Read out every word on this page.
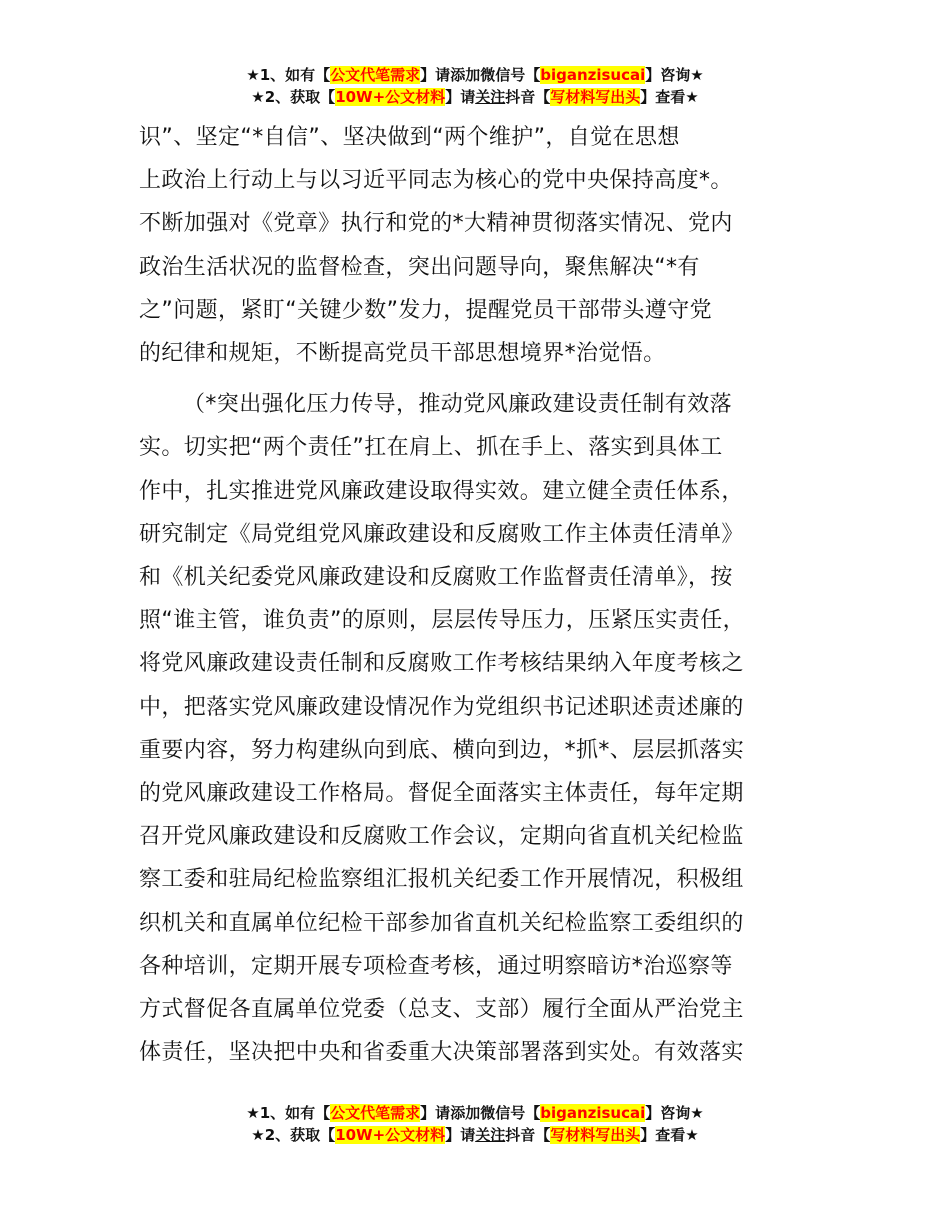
★1、如有【公文代笔需求】请添加微信号【biganzisucai】咨询★
★2、获取【10W+公文材料】请关注抖音【写材料写出头】查看★

识”、坚定“*自信”、坚决做到“两个维护”，自觉在思想
上政治上行动上与以习近平同志为核心的党中央保持高度*。
不断加强对《党章》执行和党的*大精神贯彻落实情况、党内
政治生活状况的监督检查，突出问题导向，聚焦解决“*有
之”问题，紧盯“关键少数”发力，提醒党员干部带头遵守党
的纪律和规矩，不断提高党员干部思想境界*治觉悟。

（*突出强化压力传导，推动党风廉政建设责任制有效落
实。切实把“两个责任”扛在肩上、抓在手上、落实到具体工
作中，扎实推进党风廉政建设取得实效。建立健全责任体系，
研究制定《局党组党风廉政建设和反腐败工作主体责任清单》
和《机关纪委党风廉政建设和反腐败工作监督责任清单》，按
照“谁主管，谁负责”的原则，层层传导压力，压紧压实责任，
将党风廉政建设责任制和反腐败工作考核结果纳入年度考核之
中，把落实党风廉政建设情况作为党组织书记述职述责述廉的
重要内容，努力构建纵向到底、横向到边，*抓*、层层抓落实
的党风廉政建设工作格局。督促全面落实主体责任，每年定期
召开党风廉政建设和反腐败工作会议，定期向省直机关纪检监
察工委和驻局纪检监察组汇报机关纪委工作开展情况，积极组
织机关和直属单位纪检干部参加省直机关纪检监察工委组织的
各种培训，定期开展专项检查考核，通过明察暗访*治巡察等
方式督促各直属单位党委（总支、支部）履行全面从严治党主
体责任，坚决把中央和省委重大决策部署落到实处。有效落实

★1、如有【公文代笔需求】请添加微信号【biganzisucai】咨询★
★2、获取【10W+公文材料】请关注抖音【写材料写出头】查看★
